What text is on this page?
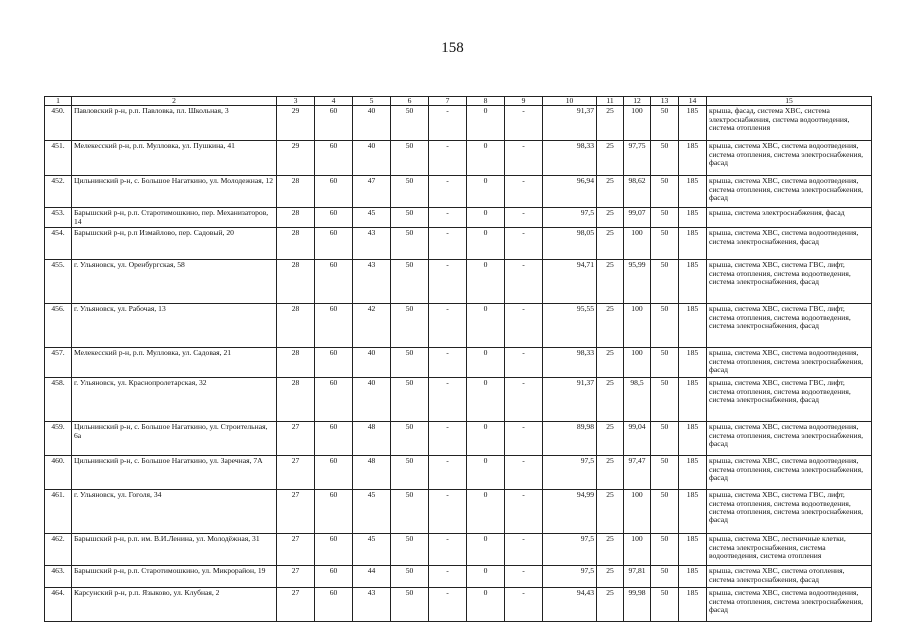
158
1	2	3	4	5	6	7	8	9	10	11	12	13	14	15
450.	Павловский р-н, р.п. Павловка, пл. Школьная, 3	29	60	40	50	-	0	-	91,37	25	100	50	185	крыша, фасад, система ХВС, система электроснабжения, система водоотведения, система отопления
451.	Мелекесский р-н, р.п. Мулловка, ул. Пушкина, 41	29	60	40	50	-	0	-	98,33	25	97,75	50	185	крыша, система ХВС, система водоотведения, система отопления, система электроснабжения, фасад
452.	Цильнинский р-н, с. Большое Нагаткино, ул. Молодежная, 12	28	60	47	50	-	0	-	96,94	25	98,62	50	185	крыша, система ХВС, система водоотведения, система отопления, система электроснабжения, фасад
453.	Барышский р-н, р.п. Старотимошкино, пер. Механизаторов, 14	28	60	45	50	-	0	-	97,5	25	99,07	50	185	крыша, система электроснабжения, фасад
454.	Барышский р-н, р.п Измайлово, пер. Садовый, 20	28	60	43	50	-	0	-	98,05	25	100	50	185	крыша, система ХВС, система водоотведения, система электроснабжения, фасад
455.	г. Ульяновск, ул. Оренбургская, 58	28	60	43	50	-	0	-	94,71	25	95,99	50	185	крыша, система ХВС, система ГВС, лифт, система отопления, система водоотведения, система электроснабжения, фасад
456.	г. Ульяновск, ул. Рабочая, 13	28	60	42	50	-	0	-	95,55	25	100	50	185	крыша, система ХВС, система ГВС, лифт, система отопления, система водоотведения, система электроснабжения, фасад
457.	Мелекесский р-н, р.п. Мулловка, ул. Садовая, 21	28	60	40	50	-	0	-	98,33	25	100	50	185	крыша, система ХВС, система водоотведения, система отопления, система электроснабжения, фасад
458.	г. Ульяновск, ул. Краснопролетарская, 32	28	60	40	50	-	0	-	91,37	25	98,5	50	185	крыша, система ХВС, система ГВС, лифт, система отопления, система водоотведения, система электроснабжения, фасад
459.	Цильнинский р-н, с. Большое Нагаткино, ул. Строительная, 6а	27	60	48	50	-	0	-	89,98	25	99,04	50	185	крыша, система ХВС, система водоотведения, система отопления, система электроснабжения, фасад
460.	Цильнинский р-н, с. Большое Нагаткино, ул. Заречная, 7А	27	60	48	50	-	0	-	97,5	25	97,47	50	185	крыша, система ХВС, система водоотведения, система отопления, система электроснабжения, фасад
461.	г. Ульяновск, ул. Гоголя, 34	27	60	45	50	-	0	-	94,99	25	100	50	185	крыша, система ХВС, система ГВС, лифт, система отопления, система водоотведения, система отопления, система электроснабжения, фасад
462.	Барышский р-н, р.п. им. В.И.Ленина, ул. Молодёжная, 31	27	60	45	50	-	0	-	97,5	25	100	50	185	крыша, система ХВС, лестничные клетки, система электроснабжения, система водоотведения, система отопления
463.	Барышский р-н, р.п. Старотимошкино, ул. Микрорайон, 19	27	60	44	50	-	0	-	97,5	25	97,81	50	185	крыша, система ХВС, система отопления, система электроснабжения, фасад
464.	Карсунский р-н, р.п. Языково, ул. Клубная, 2	27	60	43	50	-	0	-	94,43	25	99,98	50	185	крыша, система ХВС, система водоотведения, система отопления, система электроснабжения, фасад
